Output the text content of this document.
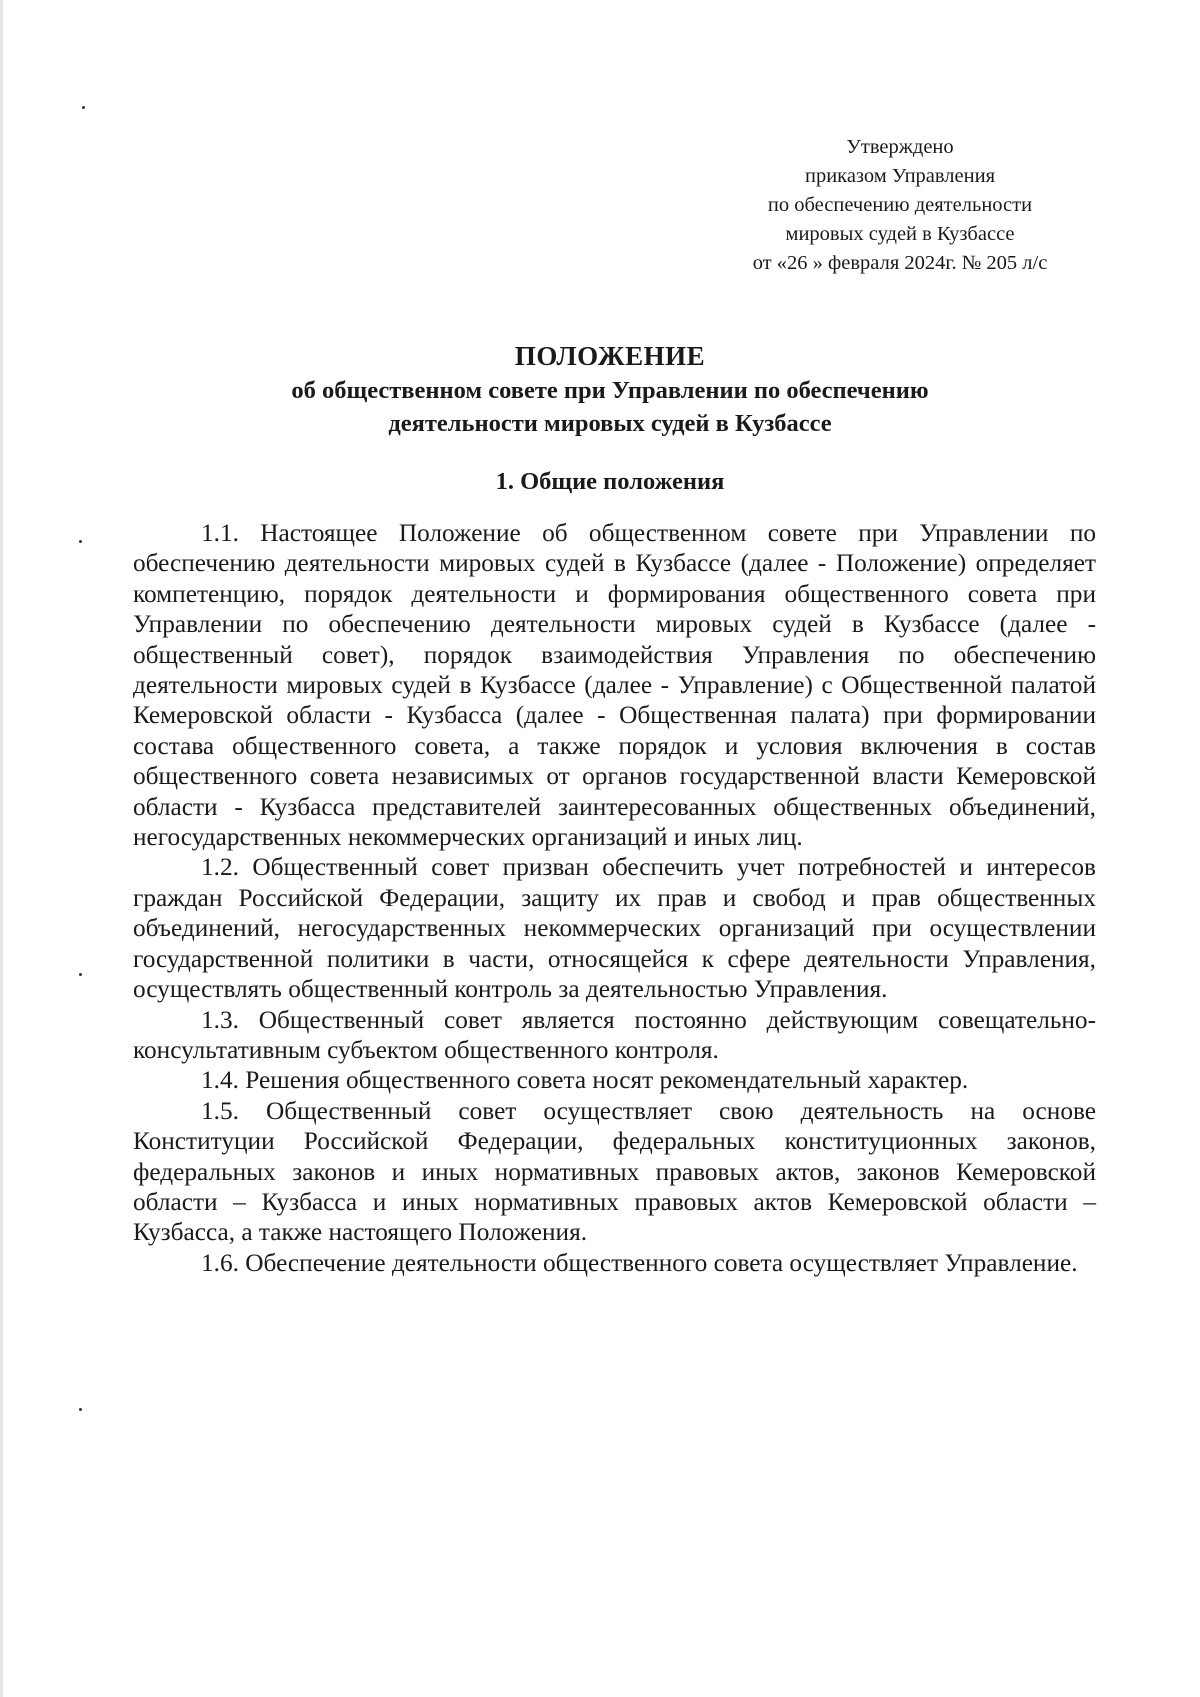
Утверждено
приказом Управления
по обеспечению деятельности
мировых судей в Кузбассе
от «26 » февраля 2024г. № 205 л/с
ПОЛОЖЕНИЕ
об общественном совете при Управлении по обеспечению
деятельности мировых судей в Кузбассе
1. Общие положения

1.1. Настоящее Положение об общественном совете при Управлении по обеспечению деятельности мировых судей в Кузбассе (далее - Положение) определяет компетенцию, порядок деятельности и формирования общественного совета при Управлении по обеспечению деятельности мировых судей в Кузбассе (далее - общественный совет), порядок взаимодействия Управления по обеспечению деятельности мировых судей в Кузбассе (далее - Управление) с Общественной палатой Кемеровской области - Кузбасса (далее - Общественная палата) при формировании состава общественного совета, а также порядок и условия включения в состав общественного совета независимых от органов государственной власти Кемеровской области - Кузбасса представителей заинтересованных общественных объединений, негосударственных некоммерческих организаций и иных лиц.

1.2. Общественный совет призван обеспечить учет потребностей и интересов граждан Российской Федерации, защиту их прав и свобод и прав общественных объединений, негосударственных некоммерческих организаций при осуществлении государственной политики в части, относящейся к сфере деятельности Управления, осуществлять общественный контроль за деятельностью Управления.

1.3. Общественный совет является постоянно действующим совещательно-консультативным субъектом общественного контроля.

1.4. Решения общественного совета носят рекомендательный характер.

1.5. Общественный совет осуществляет свою деятельность на основе Конституции Российской Федерации, федеральных конституционных законов, федеральных законов и иных нормативных правовых актов, законов Кемеровской области – Кузбасса и иных нормативных правовых актов Кемеровской области – Кузбасса, а также настоящего Положения.

1.6. Обеспечение деятельности общественного совета осуществляет Управление.
